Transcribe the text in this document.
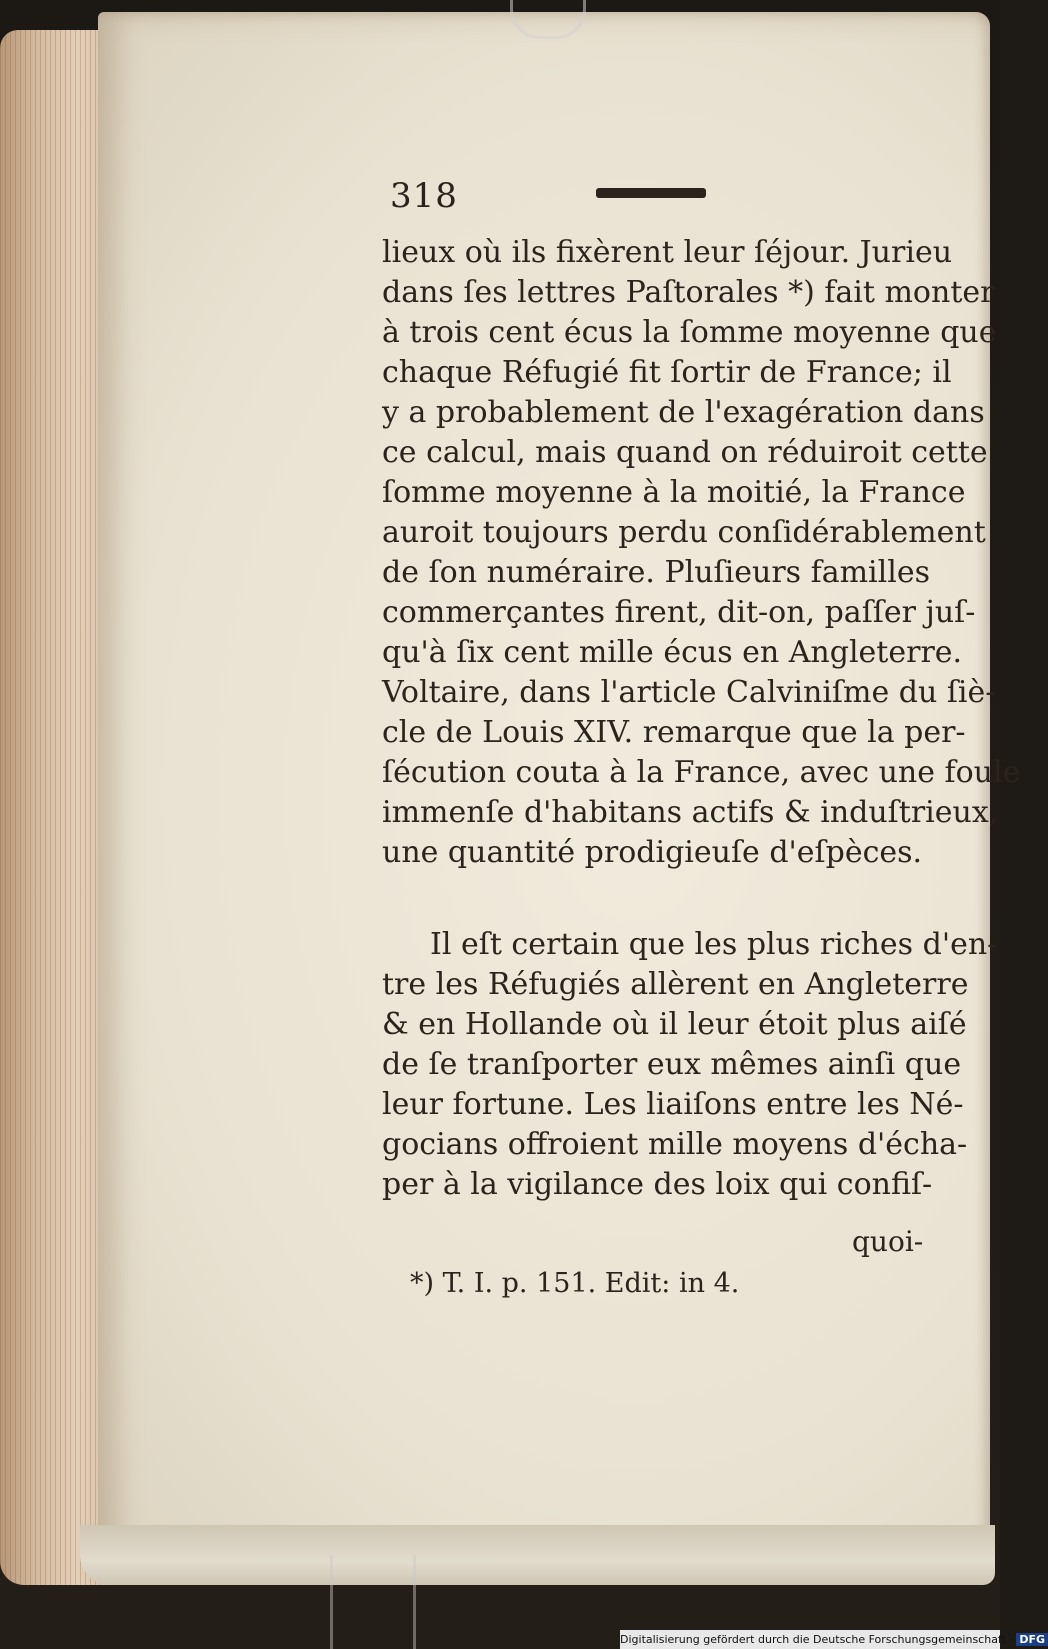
318
lieux où ils fixèrent leur ſéjour. Jurieu
dans ſes lettres Paſtorales *) fait monter
à trois cent écus la ſomme moyenne que
chaque Réfugié fit ſortir de France; il
y a probablement de l'exagération dans
ce calcul, mais quand on réduiroit cette
ſomme moyenne à la moitié, la France
auroit toujours perdu conſidérablement
de ſon numéraire. Pluſieurs familles
commerçantes firent, dit-on, paſſer juſ-
qu'à ſix cent mille écus en Angleterre.
Voltaire, dans l'article Calviniſme du ſiè-
cle de Louis XIV. remarque que la per-
ſécution couta à la France, avec une foule
immenſe d'habitans actifs & induſtrieux,
une quantité prodigieuſe d'eſpèces.
Il eſt certain que les plus riches d'en-
tre les Réfugiés allèrent en Angleterre
& en Hollande où il leur étoit plus aiſé
de ſe tranſporter eux mêmes ainſi que
leur fortune. Les liaiſons entre les Né-
gocians offroient mille moyens d'écha-
per à la vigilance des loix qui confiſ-
quoi-
*) T. I. p. 151. Edit: in 4.
Digitalisierung gefördert durch die Deutsche Forschungsgemeinschaft - DFG
